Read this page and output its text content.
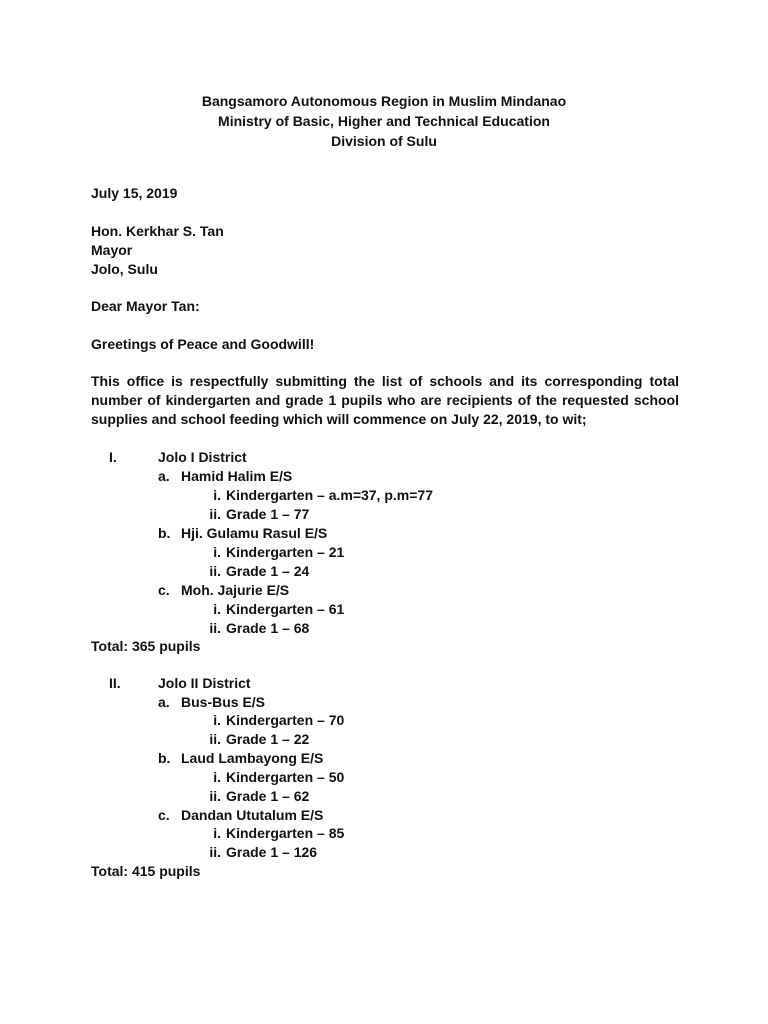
Bangsamoro Autonomous Region in Muslim Mindanao
Ministry of Basic, Higher and Technical Education
Division of Sulu
July 15, 2019
Hon. Kerkhar S. Tan
Mayor
Jolo, Sulu
Dear Mayor Tan:
Greetings of Peace and Goodwill!
This office is respectfully submitting the list of schools and its corresponding total number of kindergarten and grade 1 pupils who are recipients of the requested school supplies and school feeding which will commence on July 22, 2019, to wit;
I.	Jolo I District
a. Hamid Halim E/S
i. Kindergarten – a.m=37, p.m=77
ii. Grade 1 – 77
b. Hji. Gulamu Rasul E/S
i. Kindergarten – 21
ii. Grade 1 – 24
c. Moh. Jajurie E/S
i. Kindergarten – 61
ii. Grade 1 – 68
Total: 365 pupils
II.	Jolo II District
a. Bus-Bus E/S
i. Kindergarten – 70
ii. Grade 1 – 22
b. Laud Lambayong E/S
i. Kindergarten – 50
ii. Grade 1 – 62
c. Dandan Ututalum E/S
i. Kindergarten – 85
ii. Grade 1 – 126
Total: 415 pupils
